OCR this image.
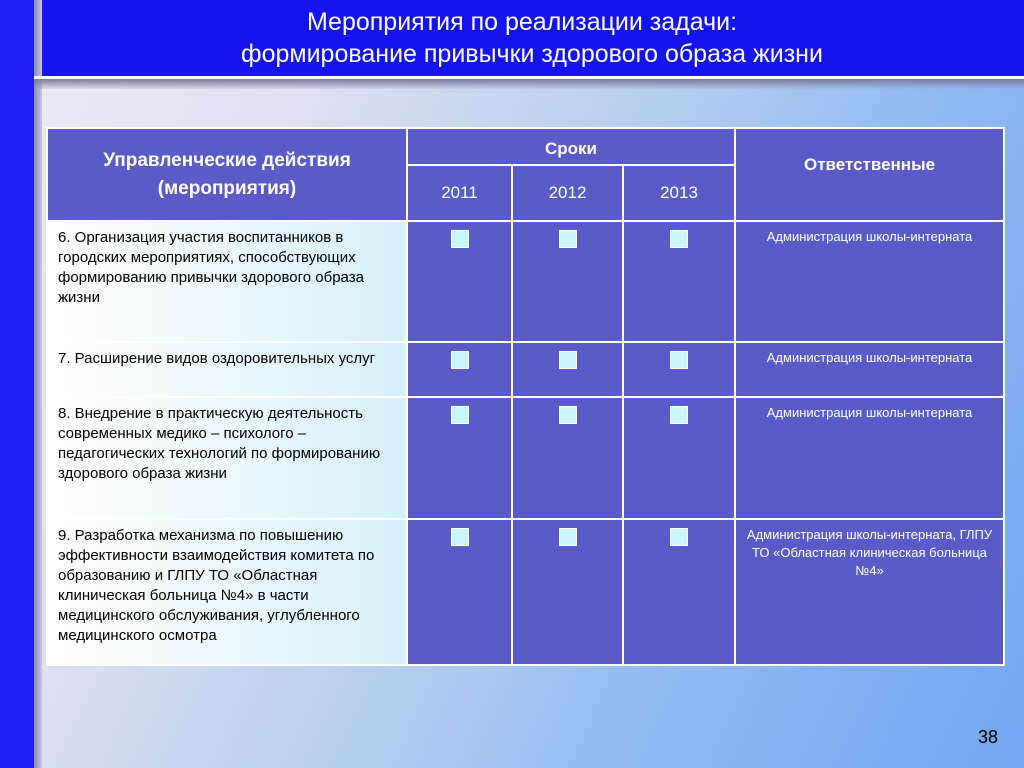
Мероприятия по реализации задачи:
формирование привычки здорового образа жизни
Управленческие действия (мероприятия)	Сроки			Ответственные
	2011	2012	2013	
6. Организация участия воспитанников в городских мероприятиях, способствующих формированию привычки здорового образа жизни				Администрация школы-интерната
7. Расширение видов оздоровительных услуг				Администрация школы-интерната
8. Внедрение в практическую деятельность современных медико – психолого – педагогических технологий по формированию здорового образа жизни				Администрация школы-интерната
9. Разработка механизма по повышению эффективности взаимодействия комитета по образованию и ГЛПУ ТО «Областная клиническая больница №4» в части медицинского обслуживания, углубленного медицинского осмотра				Администрация школы-интерната, ГЛПУ ТО «Областная клиническая больница №4»
38
